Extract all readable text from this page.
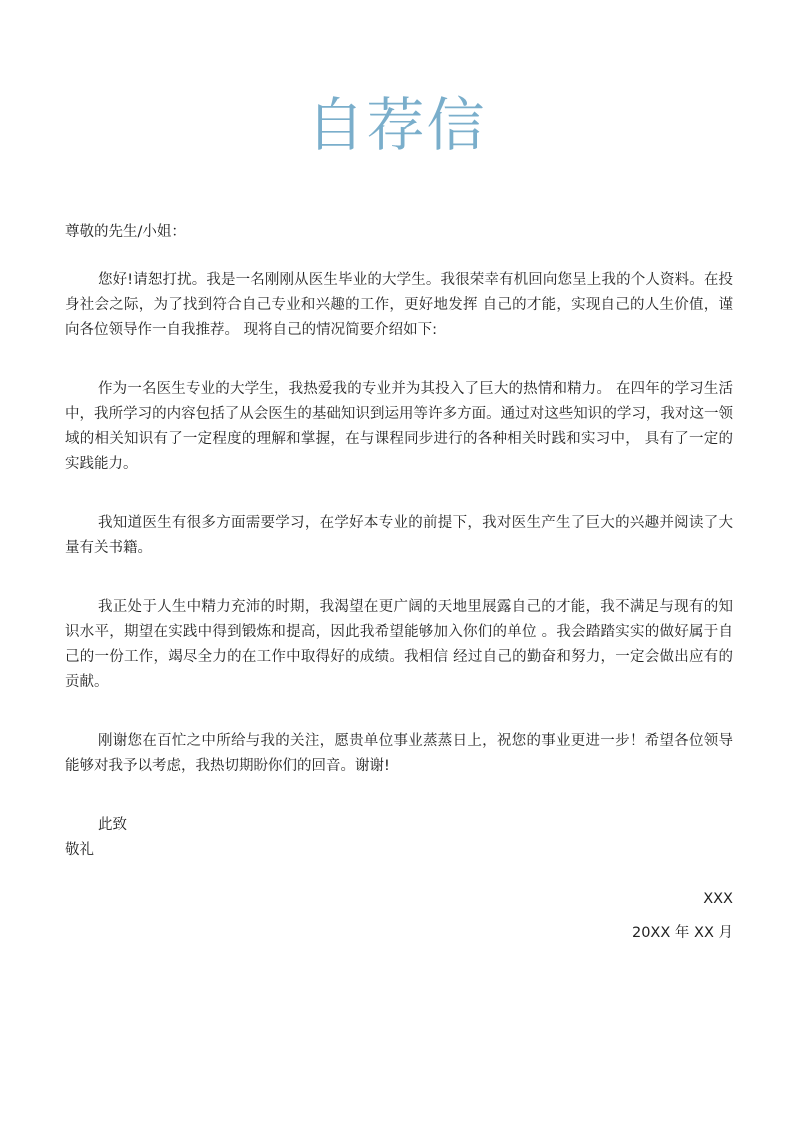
自荐信

尊敬的先生/小姐：

您好!请恕打扰。我是一名刚刚从医生毕业的大学生。我很荣幸有机回向您呈上我的个人资料。在投身社会之际，为了找到符合自己专业和兴趣的工作，更好地发挥 自己的才能，实现自己的人生价值，谨向各位领导作一自我推荐。 现将自己的情况简要介绍如下:

作为一名医生专业的大学生，我热爱我的专业并为其投入了巨大的热情和精力。 在四年的学习生活中，我所学习的内容包括了从会医生的基础知识到运用等许多方面。通过对这些知识的学习，我对这一领域的相关知识有了一定程度的理解和掌握，在与课程同步进行的各种相关时践和实习中， 具有了一定的实践能力。

我知道医生有很多方面需要学习，在学好本专业的前提下，我对医生产生了巨大的兴趣并阅读了大量有关书籍。

我正处于人生中精力充沛的时期，我渴望在更广阔的天地里展露自己的才能，我不满足与现有的知识水平，期望在实践中得到锻炼和提高，因此我希望能够加入你们的单位 。我会踏踏实实的做好属于自己的一份工作，竭尽全力的在工作中取得好的成绩。我相信 经过自己的勤奋和努力，一定会做出应有的贡献。

刚谢您在百忙之中所给与我的关注，愿贵单位事业蒸蒸日上，祝您的事业更进一步！希望各位领导能够对我予以考虑，我热切期盼你们的回音。谢谢!

此致

敬礼

XXX
20XX 年 XX 月
